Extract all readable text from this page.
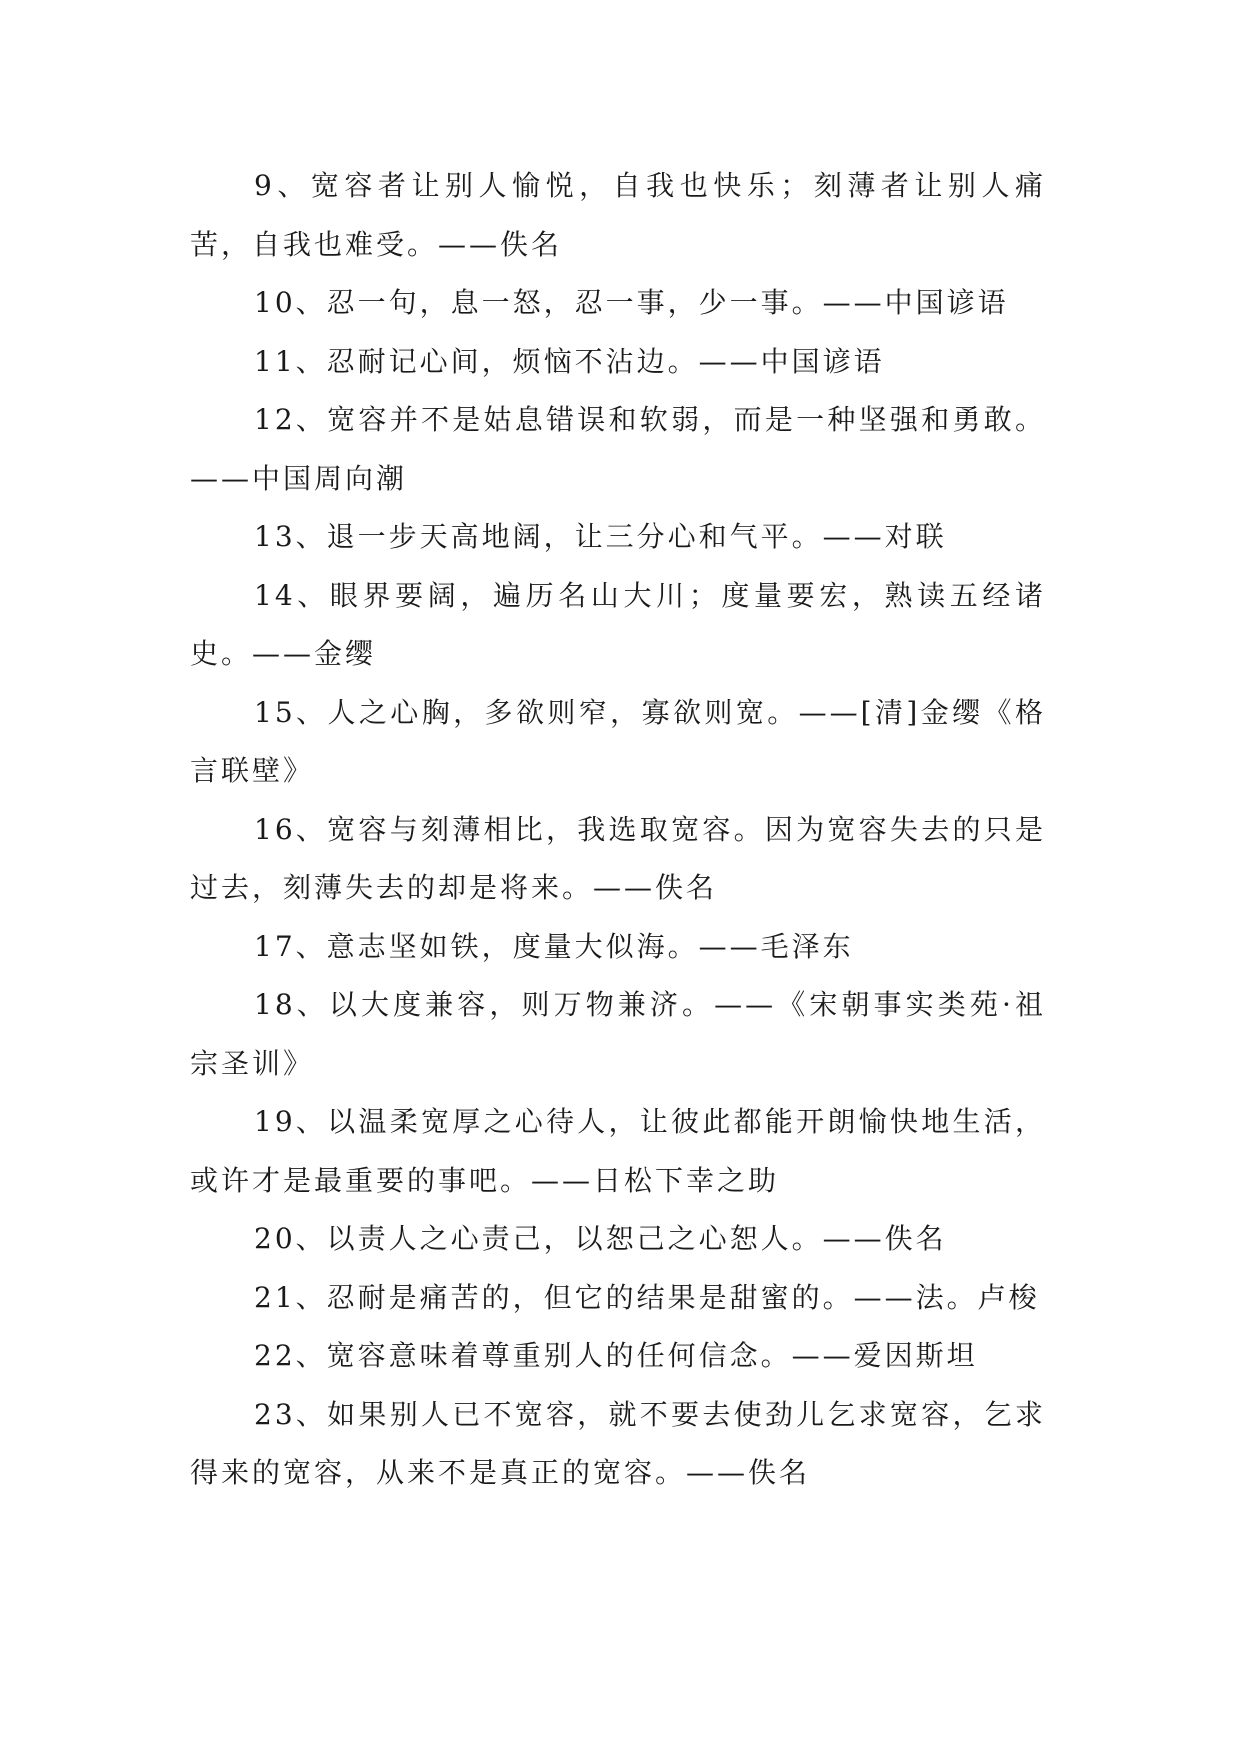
9、宽容者让别人愉悦，自我也快乐；刻薄者让别人痛苦，自我也难受。——佚名

10、忍一句，息一怒，忍一事，少一事。——中国谚语

11、忍耐记心间，烦恼不沾边。——中国谚语

12、宽容并不是姑息错误和软弱，而是一种坚强和勇敢。——中国周向潮

13、退一步天高地阔，让三分心和气平。——对联

14、眼界要阔，遍历名山大川；度量要宏，熟读五经诸史。——金缨

15、人之心胸，多欲则窄，寡欲则宽。——[清]金缨《格言联壁》

16、宽容与刻薄相比，我选取宽容。因为宽容失去的只是过去，刻薄失去的却是将来。——佚名

17、意志坚如铁，度量大似海。——毛泽东

18、以大度兼容，则万物兼济。——《宋朝事实类苑·祖宗圣训》

19、以温柔宽厚之心待人，让彼此都能开朗愉快地生活，或许才是最重要的事吧。——日松下幸之助

20、以责人之心责己，以恕己之心恕人。——佚名

21、忍耐是痛苦的，但它的结果是甜蜜的。——法。卢梭

22、宽容意味着尊重别人的任何信念。——爱因斯坦

23、如果别人已不宽容，就不要去使劲儿乞求宽容，乞求得来的宽容，从来不是真正的宽容。——佚名
